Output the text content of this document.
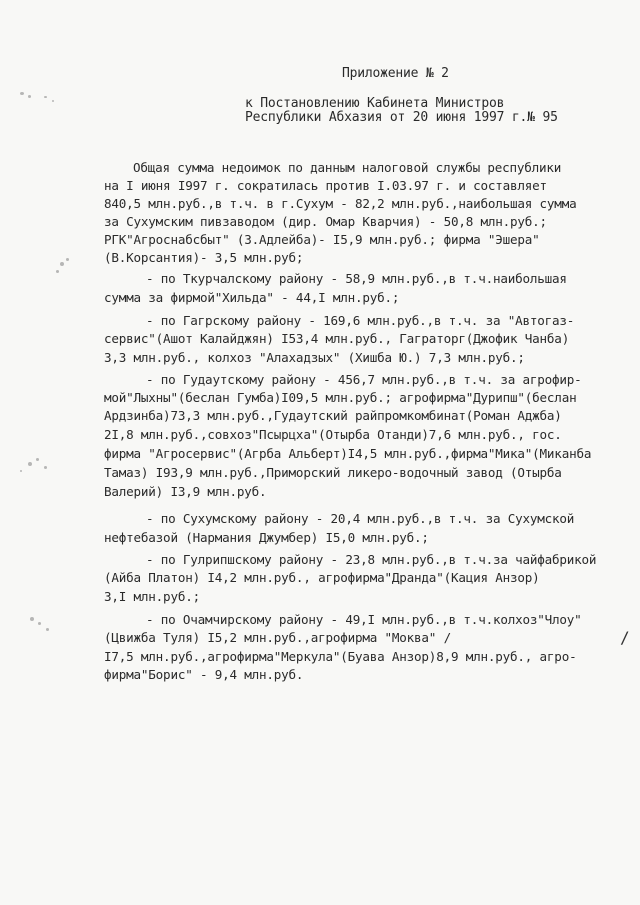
Приложение № 2
к Постановлению Кабинета Министров
Республики Абхазия от 20 июня 1997 г.№ 95
Общая сумма недоимок по данным налоговой службы республики
на I июня I997 г. сократилась против I.03.97 г. и составляет
840,5 млн.руб.,в т.ч. в г.Сухум - 82,2 млн.руб.,наибольшая сумма
за Сухумским пивзаводом (дир. Омар Кварчия) - 50,8 млн.руб.;
РГК"Агроснабсбыт" (З.Адлейба)- I5,9 млн.руб.; фирма "Эшера"
(В.Корсантия)- 3,5 млн.руб;
- по Ткурчалскому району - 58,9 млн.руб.,в т.ч.наибольшая
сумма за фирмой"Хильда" - 44,I млн.руб.;
- по Гагрскому району - 169,6 млн.руб.,в т.ч. за "Автогаз-
сервис"(Ашот Калайджян) I53,4 млн.руб., Гаграторг(Джофик Чанба)
3,3 млн.руб., колхоз "Алахадзых" (Хишба Ю.) 7,3 млн.руб.;
- по Гудаутскому району - 456,7 млн.руб.,в т.ч. за агрофир-
мой"Лыхны"(беслан Гумба)I09,5 млн.руб.; агрофирма"Дурипш"(беслан
Ардзинба)73,3 млн.руб.,Гудаутский райпромкомбинат(Роман Аджба)
2I,8 млн.руб.,совхоз"Псырцха"(Отырба Отанди)7,6 млн.руб., гос.
фирма "Агросервис"(Агрба Альберт)I4,5 млн.руб.,фирма"Мика"(Миканба
Тамаз) I93,9 млн.руб.,Приморский ликеро-водочный завод (Отырба
Валерий) I3,9 млн.руб.
- по Сухумскому району - 20,4 млн.руб.,в т.ч. за Сухумской
нефтебазой (Нармания Джумбер) I5,0 млн.руб.;
- по Гулрипшскому району - 23,8 млн.руб.,в т.ч.за чайфабрикой
(Айба Платон) I4,2 млн.руб., агрофирма"Дранда"(Кация Анзор)
3,I млн.руб.;
- по Очамчирскому району - 49,I млн.руб.,в т.ч.колхоз"Члоу"
(Цвижба Туля) I5,2 млн.руб.,агрофирма "Моква" /
I7,5 млн.руб.,агрофирма"Меркула"(Буава Анзор)8,9 млн.руб., агро-
фирма"Борис" - 9,4 млн.руб.
/
